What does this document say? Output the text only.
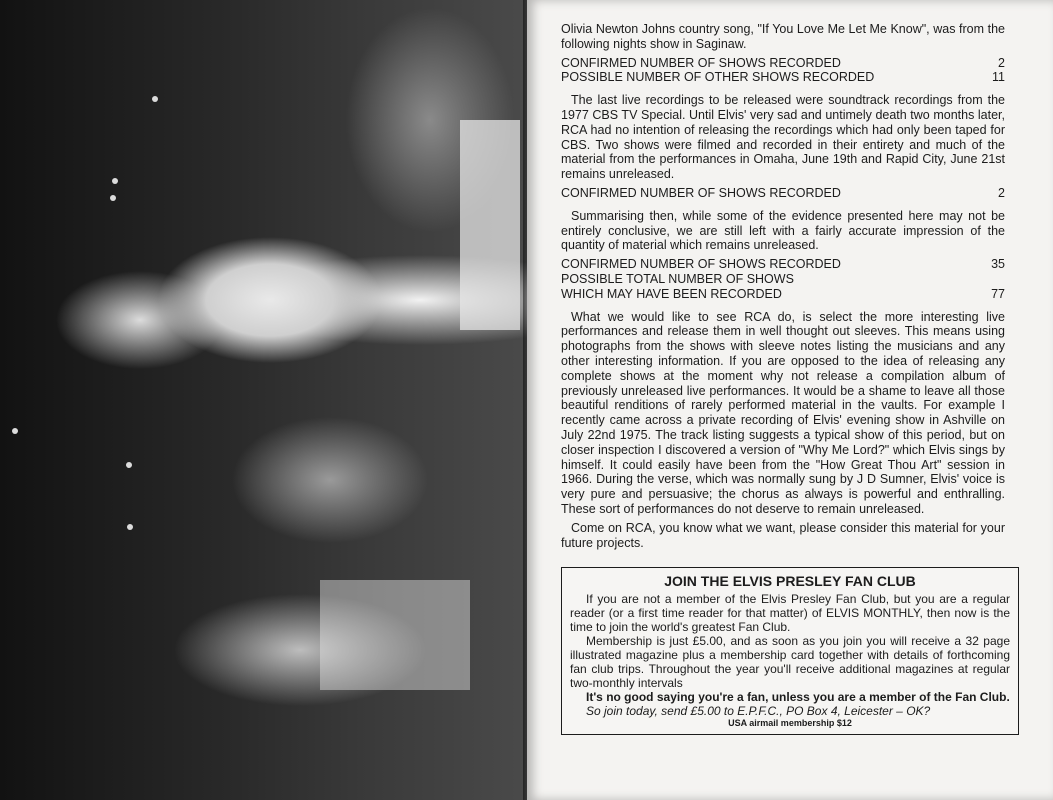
Olivia Newton Johns country song, "If You Love Me Let Me Know", was from the following nights show in Saginaw.

CONFIRMED NUMBER OF SHOWS RECORDED	2
POSSIBLE NUMBER OF OTHER SHOWS RECORDED	11

The last live recordings to be released were soundtrack recordings from the 1977 CBS TV Special. Until Elvis' very sad and untimely death two months later, RCA had no intention of releasing the recordings which had only been taped for CBS. Two shows were filmed and recorded in their entirety and much of the material from the performances in Omaha, June 19th and Rapid City, June 21st remains unreleased.

CONFIRMED NUMBER OF SHOWS RECORDED	2

Summarising then, while some of the evidence presented here may not be entirely conclusive, we are still left with a fairly accurate impression of the quantity of material which remains unreleased.

CONFIRMED NUMBER OF SHOWS RECORDED	35
POSSIBLE TOTAL NUMBER OF SHOWS
WHICH MAY HAVE BEEN RECORDED	77

What we would like to see RCA do, is select the more interesting live performances and release them in well thought out sleeves. This means using photographs from the shows with sleeve notes listing the musicians and any other interesting information. If you are opposed to the idea of releasing any complete shows at the moment why not release a compilation album of previously unreleased live performances. It would be a shame to leave all those beautiful renditions of rarely performed material in the vaults. For example I recently came across a private recording of Elvis' evening show in Ashville on July 22nd 1975. The track listing suggests a typical show of this period, but on closer inspection I discovered a version of "Why Me Lord?" which Elvis sings by himself. It could easily have been from the "How Great Thou Art" session in 1966. During the verse, which was normally sung by J D Sumner, Elvis' voice is very pure and persuasive; the chorus as always is powerful and enthralling. These sort of performances do not deserve to remain unreleased.

Come on RCA, you know what we want, please consider this material for your future projects.

JOIN THE ELVIS PRESLEY FAN CLUB

If you are not a member of the Elvis Presley Fan Club, but you are a regular reader (or a first time reader for that matter) of ELVIS MONTHLY, then now is the time to join the world's greatest Fan Club.

Membership is just £5.00, and as soon as you join you will receive a 32 page illustrated magazine plus a membership card together with details of forthcoming fan club trips. Throughout the year you'll receive additional magazines at regular two-monthly intervals

It's no good saying you're a fan, unless you are a member of the Fan Club.

So join today, send £5.00 to E.P.F.C., PO Box 4, Leicester – OK?

USA airmail membership $12
